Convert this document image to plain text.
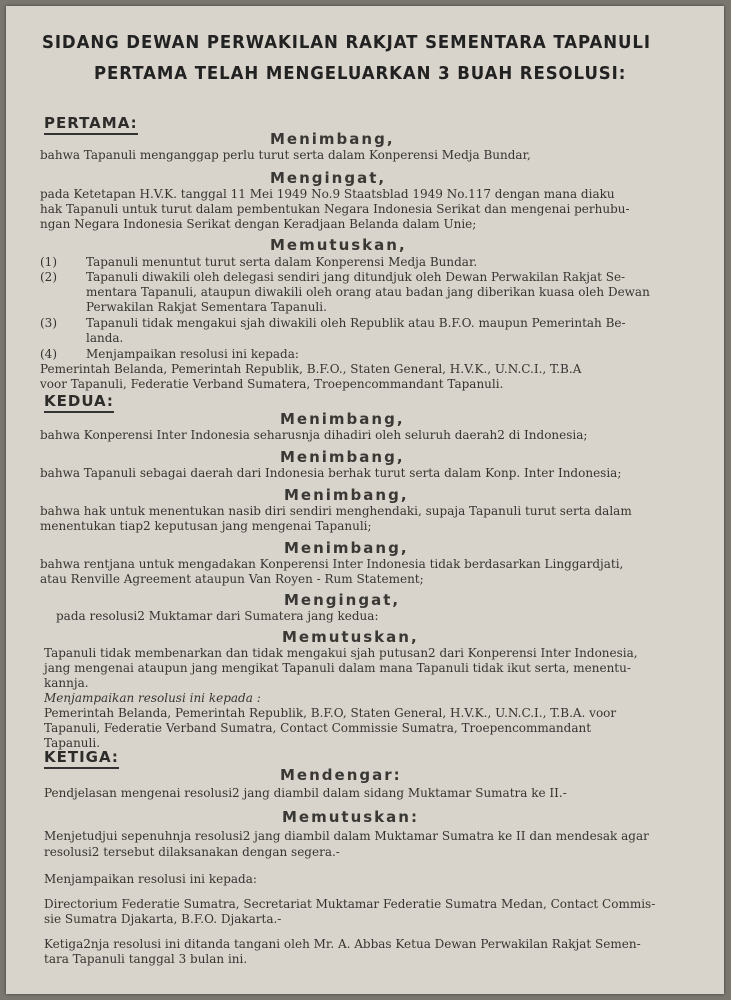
SIDANG DEWAN PERWAKILAN RAKJAT SEMENTARA TAPANULI
PERTAMA TELAH MENGELUARKAN 3 BUAH RESOLUSI:
PERTAMA:
Menimbang,
bahwa Tapanuli menganggap perlu turut serta dalam Konperensi Medja Bundar,
Mengingat,
pada Ketetapan H.V.K. tanggal 11 Mei 1949 No.9 Staatsblad 1949 No.117 dengan mana diaku
hak Tapanuli untuk turut dalam pembentukan Negara Indonesia Serikat dan mengenai perhubu-
ngan Negara Indonesia Serikat dengan Keradjaan Belanda dalam Unie;
Memutuskan,
(1) Tapanuli menuntut turut serta dalam Konperensi Medja Bundar.
(2) Tapanuli diwakili oleh delegasi sendiri jang ditundjuk oleh Dewan Perwakilan Rakjat Se-
mentara Tapanuli, ataupun diwakili oleh orang atau badan jang diberikan kuasa oleh Dewan
Perwakilan Rakjat Sementara Tapanuli.
(3) Tapanuli tidak mengakui sjah diwakili oleh Republik atau B.F.O. maupun Pemerintah Be-
landa.
(4) Menjampaikan resolusi ini kepada:
Pemerintah Belanda, Pemerintah Republik, B.F.O., Staten General, H.V.K., U.N.C.I., T.B.A
voor Tapanuli, Federatie Verband Sumatera, Troepencommandant Tapanuli.
KEDUA:
Menimbang,
bahwa Konperensi Inter Indonesia seharusnja dihadiri oleh seluruh daerah2 di Indonesia;
Menimbang,
bahwa Tapanuli sebagai daerah dari Indonesia berhak turut serta dalam Konp. Inter Indonesia;
Menimbang,
bahwa hak untuk menentukan nasib diri sendiri menghendaki, supaja Tapanuli turut serta dalam
menentukan tiap2 keputusan jang mengenai Tapanuli;
Menimbang,
bahwa rentjana untuk mengadakan Konperensi Inter Indonesia tidak berdasarkan Linggardjati,
atau Renville Agreement ataupun Van Royen - Rum Statement;
Mengingat,
pada resolusi2 Muktamar dari Sumatera jang kedua:
Memutuskan,
Tapanuli tidak membenarkan dan tidak mengakui sjah putusan2 dari Konperensi Inter Indonesia,
jang mengenai ataupun jang mengikat Tapanuli dalam mana Tapanuli tidak ikut serta, menentu-
kannja.
Menjampaikan resolusi ini kepada :
Pemerintah Belanda, Pemerintah Republik, B.F.O, Staten General, H.V.K., U.N.C.I., T.B.A. voor
Tapanuli, Federatie Verband Sumatra, Contact Commissie Sumatra, Troepencommandant
Tapanuli.
KETIGA:
Mendengar:
Pendjelasan mengenai resolusi2 jang diambil dalam sidang Muktamar Sumatra ke II.-
Memutuskan:
Menjetudjui sepenuhnja resolusi2 jang diambil dalam Muktamar Sumatra ke II dan mendesak agar
resolusi2 tersebut dilaksanakan dengan segera.-
Menjampaikan resolusi ini kepada:
Directorium Federatie Sumatra, Secretariat Muktamar Federatie Sumatra Medan, Contact Commis-
sie Sumatra Djakarta, B.F.O. Djakarta.-
Ketiga2nja resolusi ini ditanda tangani oleh Mr. A. Abbas Ketua Dewan Perwakilan Rakjat Semen-
tara Tapanuli tanggal 3 bulan ini.
